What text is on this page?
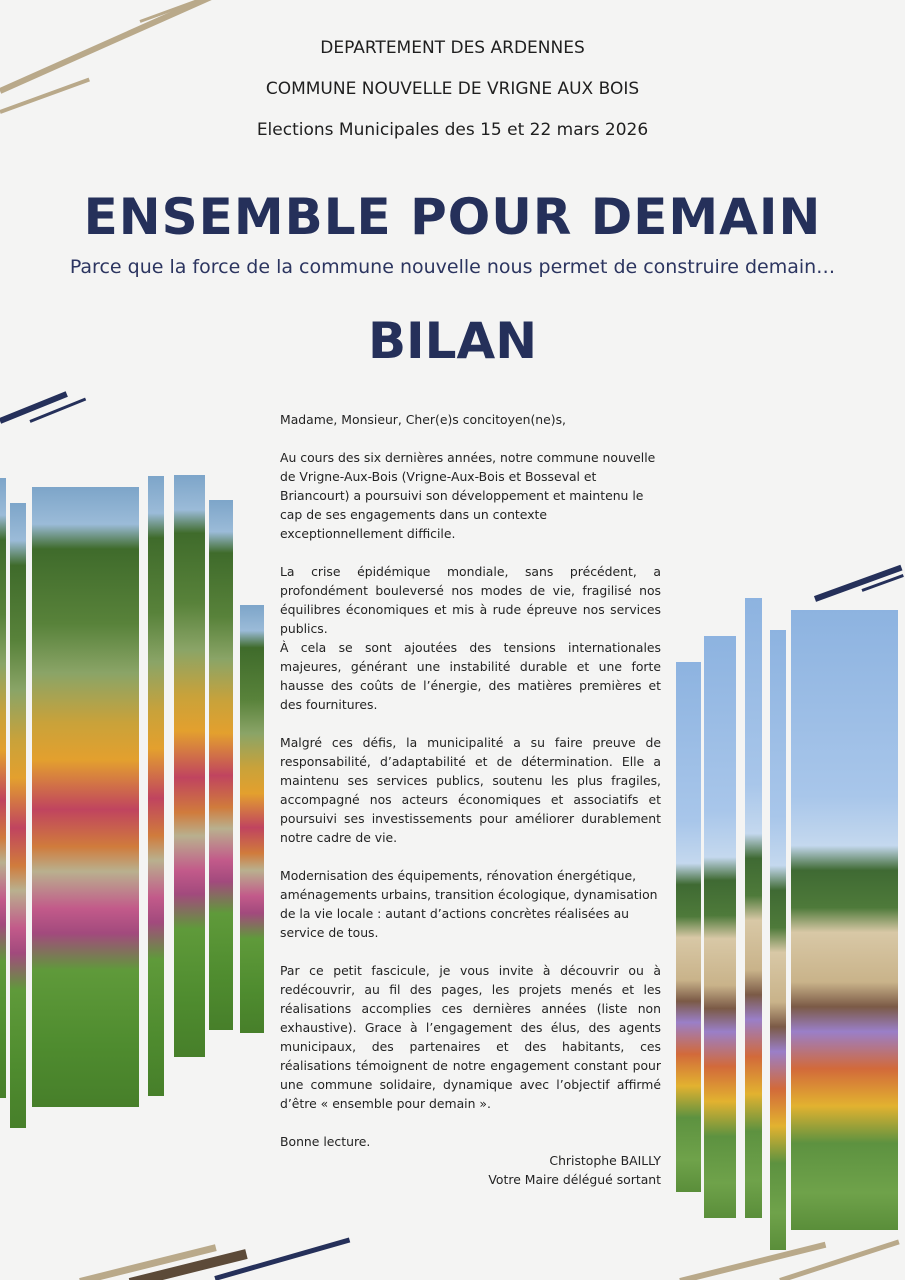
DEPARTEMENT DES ARDENNES
COMMUNE NOUVELLE DE VRIGNE AUX BOIS
Elections Municipales des 15 et 22 mars 2026
ENSEMBLE POUR DEMAIN
Parce que la force de la commune nouvelle nous permet de construire demain…
BILAN

Madame, Monsieur, Cher(e)s concitoyen(ne)s,

Au cours des six dernières années, notre commune nouvelle de Vrigne-Aux-Bois (Vrigne-Aux-Bois et Bosseval et Briancourt) a poursuivi son développement et maintenu le cap de ses engagements dans un contexte exceptionnellement difficile.

La crise épidémique mondiale, sans précédent, a profondément bouleversé nos modes de vie, fragilisé nos équilibres économiques et mis à rude épreuve nos services publics.

À cela se sont ajoutées des tensions internationales majeures, générant une instabilité durable et une forte hausse des coûts de l’énergie, des matières premières et des fournitures.

Malgré ces défis, la municipalité a su faire preuve de responsabilité, d’adaptabilité et de détermination. Elle a maintenu ses services publics, soutenu les plus fragiles, accompagné nos acteurs économiques et associatifs et poursuivi ses investissements pour améliorer durablement notre cadre de vie.

Modernisation des équipements, rénovation énergétique, aménagements urbains, transition écologique, dynamisation de la vie locale : autant d’actions concrètes réalisées au service de tous.

Par ce petit fascicule, je vous invite à découvrir ou à redécouvrir, au fil des pages, les projets menés et les réalisations accomplies ces dernières années (liste non exhaustive). Grace à l’engagement des élus, des agents municipaux, des partenaires et des habitants, ces réalisations témoignent de notre engagement constant pour une commune solidaire, dynamique avec l’objectif affirmé d’être « ensemble pour demain ».

Bonne lecture.

Christophe BAILLY

Votre Maire délégué sortant
